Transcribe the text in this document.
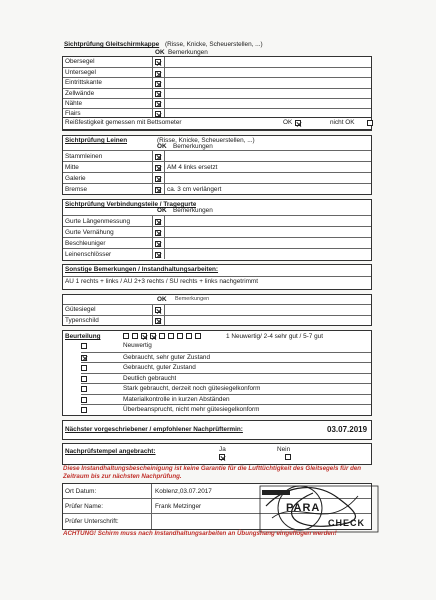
Sichtprüfung Gleitschirmkappe (Risse, Knicke, Scheuerstellen, ...)
OK Bemerkungen
Obersegel
Untersegel
Eintrittskante
Zellwände
Nähte
Flairs
Reißfestigkeit gemessen mit Bettsometer	OK
	nicht OK
Sichtprüfung Leinen	(Risse, Knicke, Scheuerstellen, ...)
OK Bemerkungen
Stammleinen
Mitte	AM 4 links ersetzt
Galerie
Bremse	ca. 3 cm verlängert
Sichtprüfung Verbindungsteile / Tragegurte
OK Bemerkungen
Gurte Längenmessung
Gurte Vernähung
Beschleuniger
Leinenschlösser
Sonstige Bemerkungen / Instandhaltungsarbeiten:
AU 1 rechts + links / AU 2+3 rechts / SU rechts + links nachgetrimmt
OK Bemerkungen
Gütesiegel
Typenschild
Beurteilung	1 Neuwertig/ 2-4 sehr gut / 5-7 gut
Neuwertig
Gebraucht, sehr guter Zustand
Gebraucht, guter Zustand
Deutlich gebraucht
Stark gebraucht, derzeit noch gütesiegelkonform
Materialkontrolle in kurzen Abständen
Überbeansprucht, nicht mehr gütesiegelkonform
Nächster vorgeschriebener / empfohlener Nachprüftermin:	03.07.2019
Nachprüfstempel angebracht:	Ja
	Nein
Diese Instandhaltungsbescheinigung ist keine Garantie für die Lufttüchtigkeit des Gleitsegels für den Zeitraum bis zur nächsten Nachprüfung.
Ort Datum:	Koblenz,03.07.2017
Prüfer Name:	Frank Metzinger
Prüfer Unterschrift:
PARA
CHECK
ACHTUNG! Schirm muss nach Instandhaltungsarbeiten an Übungshang eingeflogen werden!
